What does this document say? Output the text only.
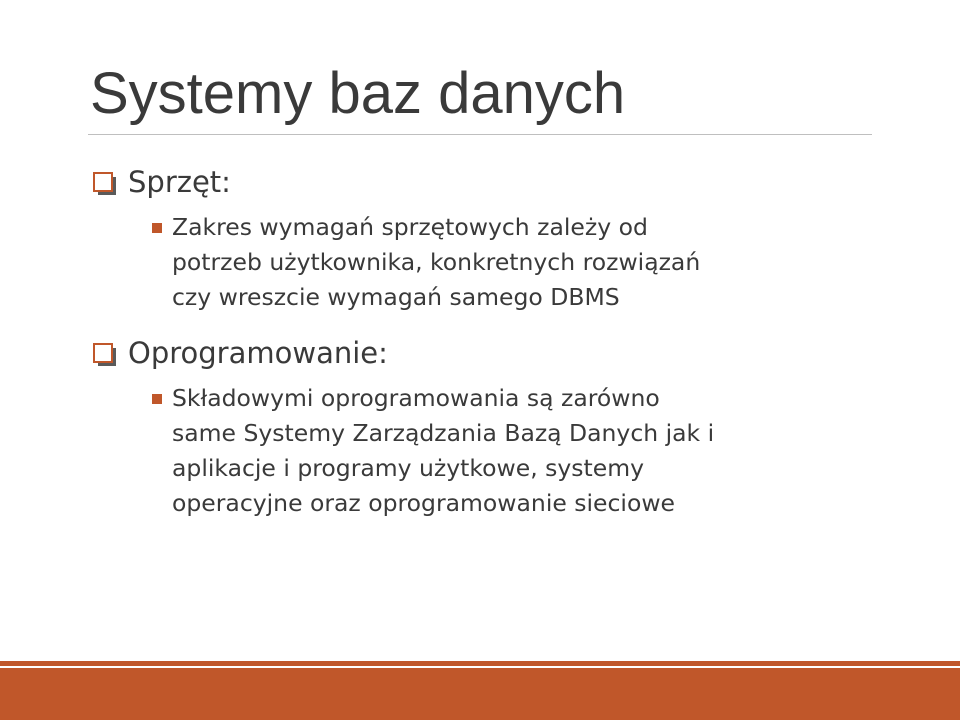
Systemy baz danych
Sprzęt:
Zakres wymagań sprzętowych zależy od
potrzeb użytkownika, konkretnych rozwiązań
czy wreszcie wymagań samego DBMS
Oprogramowanie:
Składowymi oprogramowania są zarówno
same Systemy Zarządzania Bazą Danych jak i
aplikacje i programy użytkowe, systemy
operacyjne oraz oprogramowanie sieciowe
